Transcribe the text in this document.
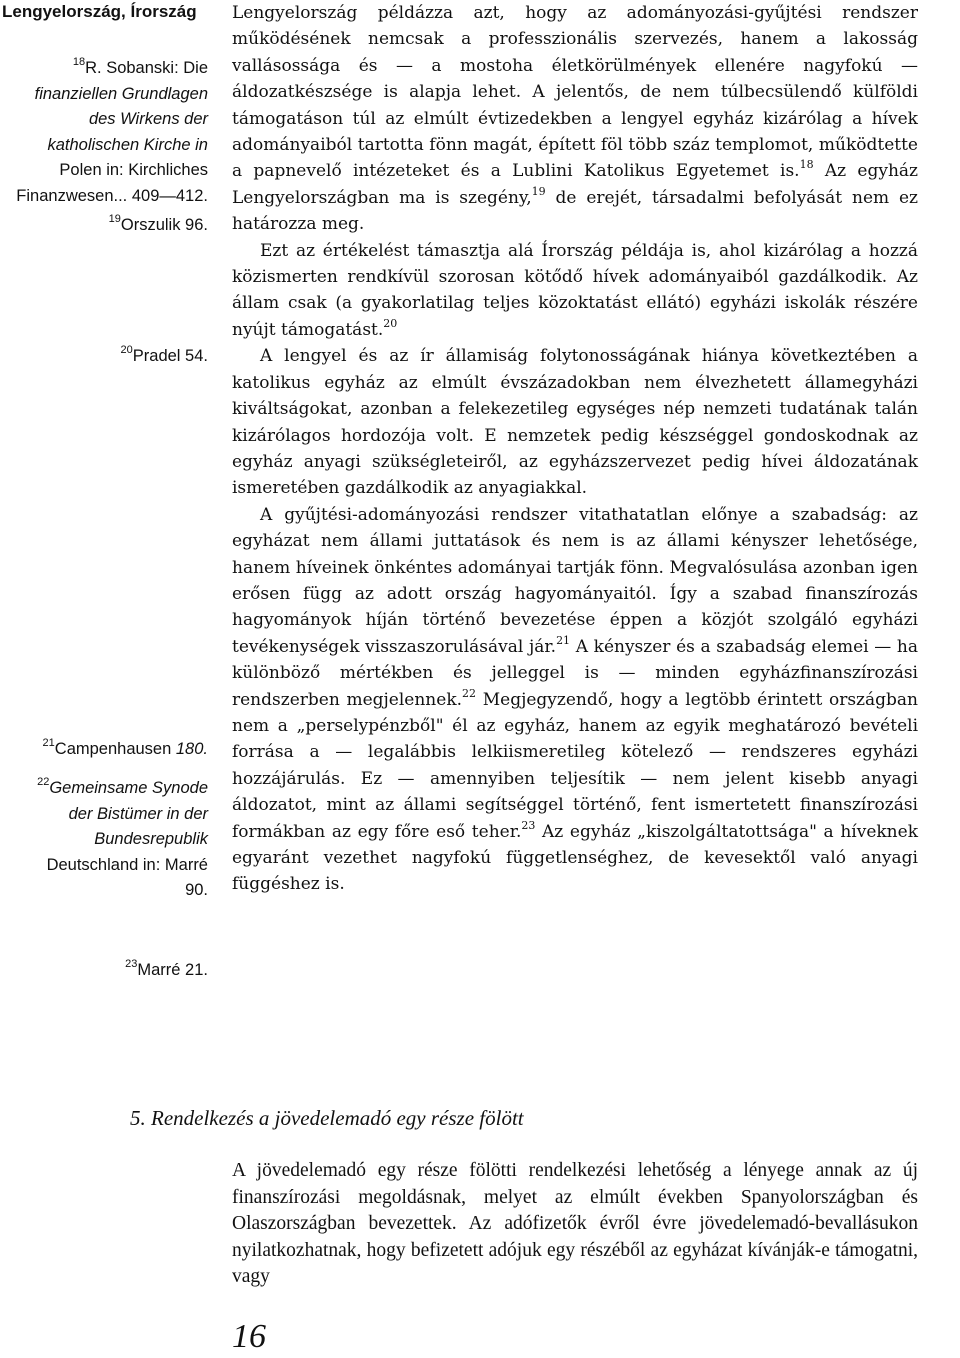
Lengyelország, Írország
$^{18}$R. Sobanski: Die
finanziellen Grundlagen
des Wirkens der
katholischen Kirche in
Polen in: Kirchliches
Finanzwesen... 409—412.
$^{19}$Orszulik 96.
$^{20}$Pradel 54.
$^{21}$Campenhausen 180.
$^{22}$Gemeinsame Synode
der Bistümer in der
Bundesrepublik
Deutschland in: Marré
90.
$^{23}$Marré 21.

Lengyelország példázza azt, hogy az adományozási-gyűjtési rendszer működésének nemcsak a professzionális szervezés, hanem a lakosság vallásossága és — a mostoha életkörülmények ellenére nagyfokú — áldozatkészsége is alapja lehet. A jelentős, de nem túlbecsülendő külföldi támogatáson túl az elmúlt évtizedekben a lengyel egyház kizárólag a hívek adományaiból tartotta fönn magát, épített föl több száz templomot, működtette a papnevelő intézeteket és a Lublini Katolikus Egyetemet is.$^{18}$ Az egyház Lengyelországban ma is szegény,$^{19}$ de erejét, társadalmi befolyását nem ez határozza meg.

Ezt az értékelést támasztja alá Írország példája is, ahol kizárólag a hozzá közismerten rendkívül szorosan kötődő hívek adományaiból gazdálkodik. Az állam csak (a gyakorlatilag teljes közoktatást ellátó) egyházi iskolák részére nyújt támogatást.$^{20}$

A lengyel és az ír államiság folytonosságának hiánya következtében a katolikus egyház az elmúlt évszázadokban nem élvezhetett államegyházi kiváltságokat, azonban a felekezetileg egységes nép nemzeti tudatának talán kizárólagos hordozója volt. E nemzetek pedig készséggel gondoskodnak az egyház anyagi szükségleteiről, az egyházszervezet pedig hívei áldozatának ismeretében gazdálkodik az anyagiakkal.

A gyűjtési-adományozási rendszer vitathatatlan előnye a szabadság: az egyházat nem állami juttatások és nem is az állami kényszer lehetősége, hanem híveinek önkéntes adományai tartják fönn. Megvalósulása azonban igen erősen függ az adott ország hagyományaitól. Így a szabad finanszírozás hagyományok híján történő bevezetése éppen a közjót szolgáló egyházi tevékenységek visszaszorulásával jár.$^{21}$ A kényszer és a szabadság elemei — ha különböző mértékben és jelleggel is — minden egyházfinanszírozási rendszerben megjelennek.$^{22}$ Megjegyzendő, hogy a legtöbb érintett országban nem a „perselypénzből" él az egyház, hanem az egyik meghatározó bevételi forrása a — legalábbis lelkiismeretileg kötelező — rendszeres egyházi hozzájárulás. Ez — amennyiben teljesítik — nem jelent kisebb anyagi áldozatot, mint az állami segítséggel történő, fent ismertetett finanszírozási formákban az egy főre eső teher.$^{23}$ Az egyház „kiszolgáltatottsága" a híveknek egyaránt vezethet nagyfokú függetlenséghez, de kevesektől való anyagi függéshez is.

5. Rendelkezés a jövedelemadó egy része fölött

A jövedelemadó egy része fölötti rendelkezési lehetőség a lényege annak az új finanszírozási megoldásnak, melyet az elmúlt években Spanyolországban és Olaszországban bevezettek. Az adófizetők évről évre jövedelemadó-bevallásukon nyilatkozhatnak, hogy befizetett adójuk egy részéből az egyházat kívánják-e támogatni, vagy

16
